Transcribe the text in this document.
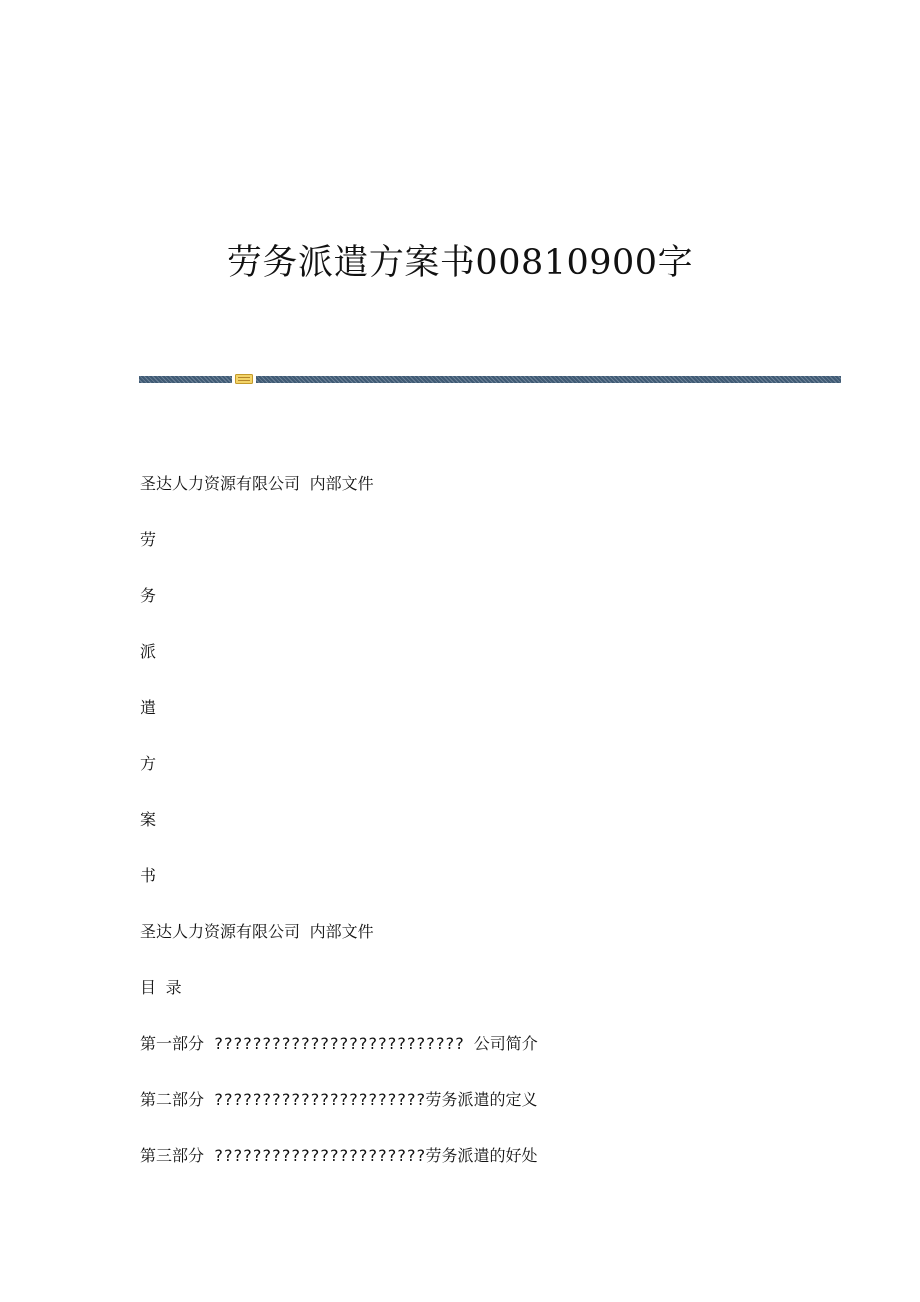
劳务派遣方案书00810900字
圣达人力资源有限公司 内部文件
劳
务
派
遣
方
案
书
圣达人力资源有限公司 内部文件
目 录
第一部分 ?????????????????????????? 公司简介
第二部分 ??????????????????????劳务派遣的定义
第三部分 ??????????????????????劳务派遣的好处
